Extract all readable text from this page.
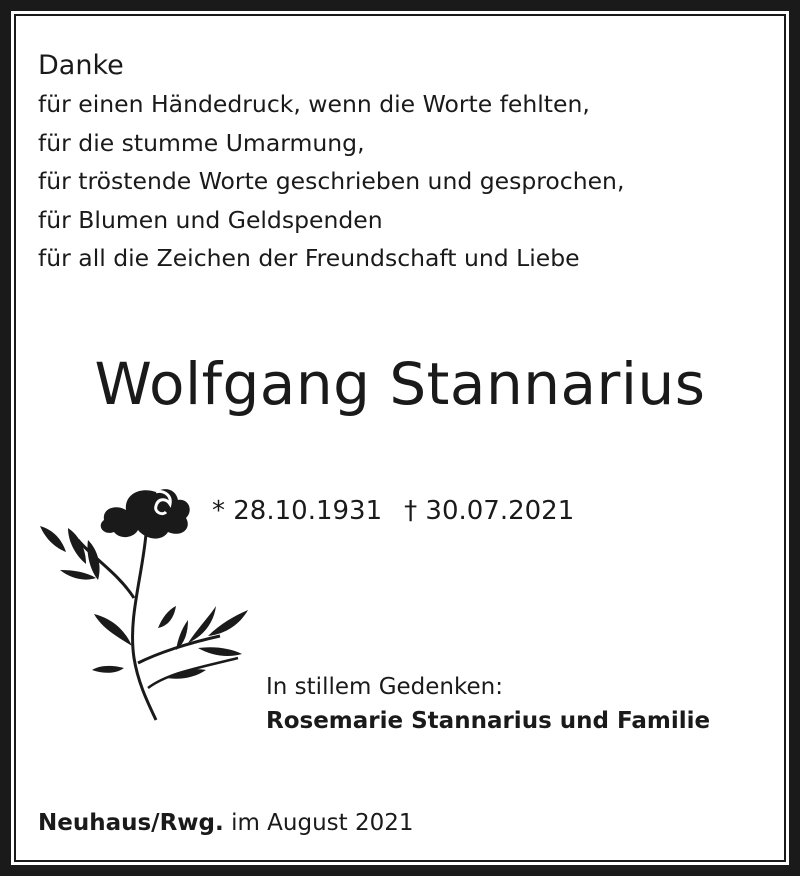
Danke
für einen Händedruck, wenn die Worte fehlten,
für die stumme Umarmung,
für tröstende Worte geschrieben und gesprochen,
für Blumen und Geldspenden
für all die Zeichen der Freundschaft und Liebe
Wolfgang Stannarius
* 28.10.1931 † 30.07.2021
In stillem Gedenken:
Rosemarie Stannarius und Familie
Neuhaus/Rwg. im August 2021
